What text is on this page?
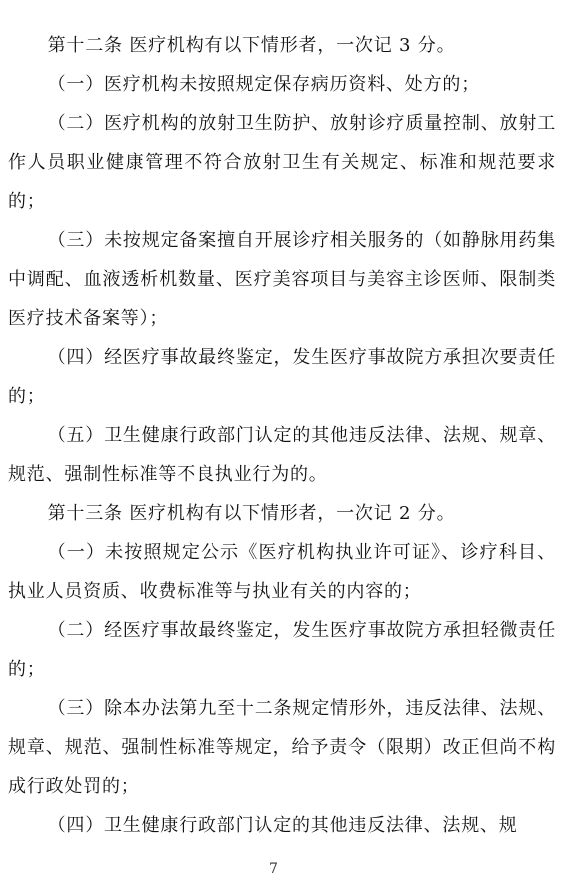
第十二条 医疗机构有以下情形者，一次记 3 分。

（一）医疗机构未按照规定保存病历资料、处方的；

（二）医疗机构的放射卫生防护、放射诊疗质量控制、放射工作人员职业健康管理不符合放射卫生有关规定、标准和规范要求的；

（三）未按规定备案擅自开展诊疗相关服务的（如静脉用药集中调配、血液透析机数量、医疗美容项目与美容主诊医师、限制类医疗技术备案等）；

（四）经医疗事故最终鉴定，发生医疗事故院方承担次要责任的；

（五）卫生健康行政部门认定的其他违反法律、法规、规章、规范、强制性标准等不良执业行为的。

第十三条 医疗机构有以下情形者，一次记 2 分。

（一）未按照规定公示《医疗机构执业许可证》、诊疗科目、执业人员资质、收费标准等与执业有关的内容的；

（二）经医疗事故最终鉴定，发生医疗事故院方承担轻微责任的；

（三）除本办法第九至十二条规定情形外，违反法律、法规、规章、规范、强制性标准等规定，给予责令（限期）改正但尚不构成行政处罚的；

（四）卫生健康行政部门认定的其他违反法律、法规、规

7
